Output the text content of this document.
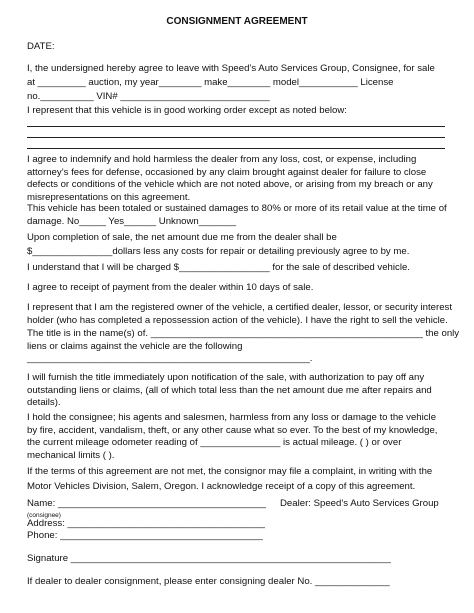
CONSIGNMENT AGREEMENT
DATE:
I, the undersigned hereby agree to leave with Speed’s Auto Services Group, Consignee, for sale
at _________ auction, my year________ make________ model___________ License
no.__________ VIN# ____________________________
I represent that this vehicle is in good working order except as noted below:
I agree to indemnify and hold harmless the dealer from any loss, cost, or expense, including attorney’s fees for defense, occasioned by any claim brought against dealer for failure to close defects or conditions of the vehicle which are not noted above, or arising from my breach or any misrepresentations on this agreement.
This vehicle has been totaled or sustained damages to 80% or more of its retail value at the time of
damage. No_____ Yes______ Unknown_______
Upon completion of sale, the net amount due me from the dealer shall be
$_______________dollars less any costs for repair or detailing previously agree to by me.
I understand that I will be charged $_________________ for the sale of described vehicle.
I agree to receipt of payment from the dealer within 10 days of sale.
I represent that I am the registered owner of the vehicle, a certified dealer, lessor, or security interest
holder (who has completed a repossession action of the vehicle). I have the right to sell the vehicle.
The title is in the name(s) of. ___________________________________________________ the only
liens or claims against the vehicle are the following
_____________________________________________________.
I will furnish the title immediately upon notification of the sale, with authorization to pay off any outstanding liens or claims, (all of which total less than the net amount due me after repairs and details).
I hold the consignee; his agents and salesmen, harmless from any loss or damage to the vehicle by fire, accident, vandalism, theft, or any other cause what so ever. To the best of my knowledge, the current mileage odometer reading of _______________ is actual mileage. ( ) or over mechanical limits ( ).
If the terms of this agreement are not met, the consignor may file a complaint, in writing with the
Motor Vehicles Division, Salem, Oregon. I acknowledge receipt of a copy of this agreement.
Name: _______________________________________ Dealer: Speed’s Auto Services Group
(consignee)
Address: _____________________________________
Phone: ______________________________________
Signature ____________________________________________________________
If dealer to dealer consignment, please enter consigning dealer No. ______________
